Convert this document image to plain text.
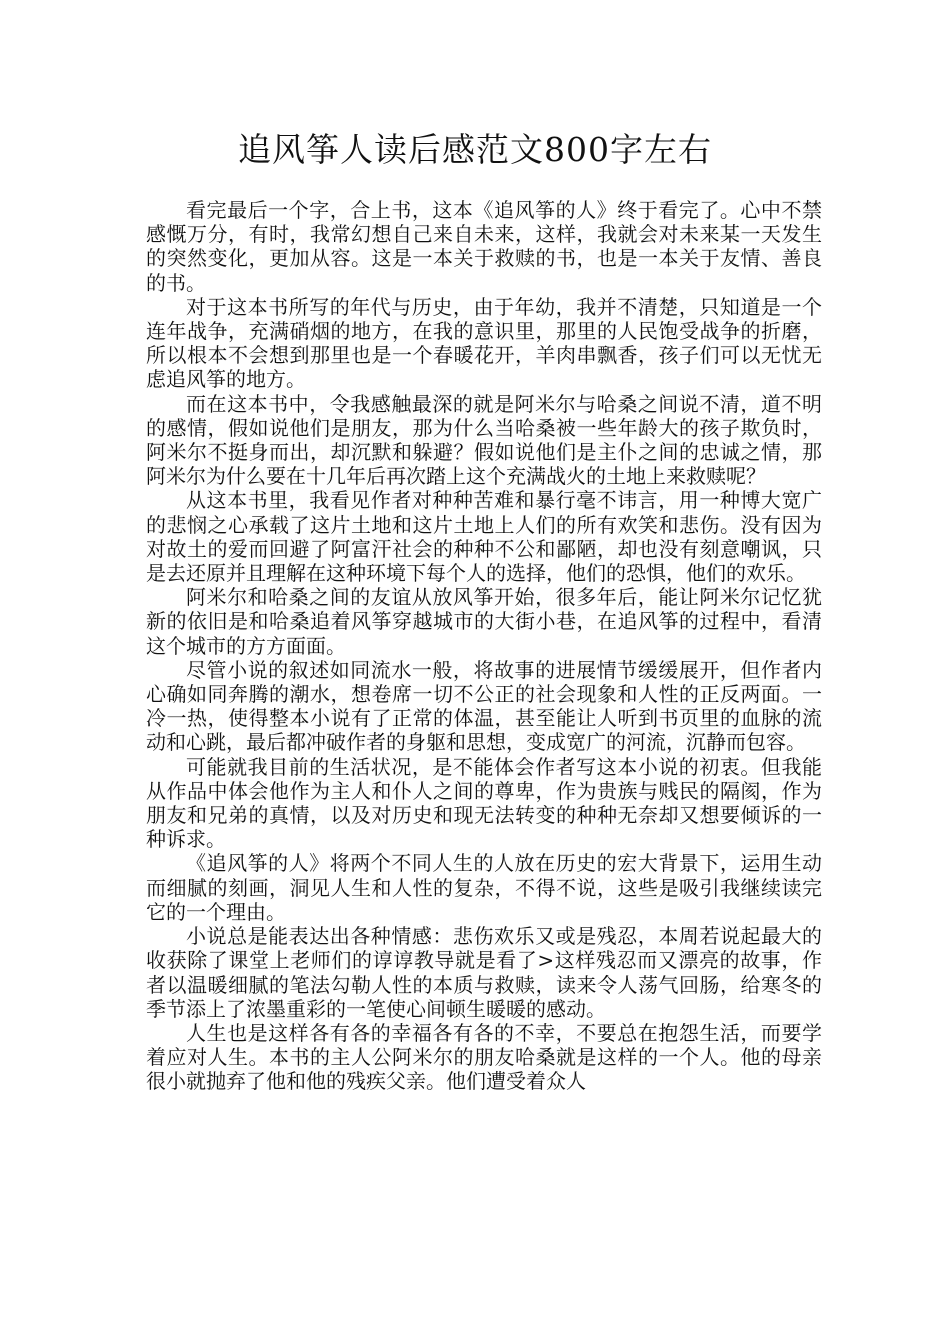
追风筝人读后感范文800字左右

看完最后一个字，合上书，这本《追风筝的人》终于看完了。心中不禁感慨万分，有时，我常幻想自己来自未来，这样，我就会对未来某一天发生的突然变化，更加从容。这是一本关于救赎的书，也是一本关于友情、善良的书。

对于这本书所写的年代与历史，由于年幼，我并不清楚，只知道是一个连年战争，充满硝烟的地方，在我的意识里，那里的人民饱受战争的折磨，所以根本不会想到那里也是一个春暖花开，羊肉串飘香，孩子们可以无忧无虑追风筝的地方。

而在这本书中，令我感触最深的就是阿米尔与哈桑之间说不清，道不明的感情，假如说他们是朋友，那为什么当哈桑被一些年龄大的孩子欺负时，阿米尔不挺身而出，却沉默和躲避？假如说他们是主仆之间的忠诚之情，那阿米尔为什么要在十几年后再次踏上这个充满战火的土地上来救赎呢？

从这本书里，我看见作者对种种苦难和暴行毫不讳言，用一种博大宽广的悲悯之心承载了这片土地和这片土地上人们的所有欢笑和悲伤。没有因为对故土的爱而回避了阿富汗社会的种种不公和鄙陋，却也没有刻意嘲讽，只是去还原并且理解在这种环境下每个人的选择，他们的恐惧，他们的欢乐。

阿米尔和哈桑之间的友谊从放风筝开始，很多年后，能让阿米尔记忆犹新的依旧是和哈桑追着风筝穿越城市的大街小巷，在追风筝的过程中，看清这个城市的方方面面。

尽管小说的叙述如同流水一般，将故事的进展情节缓缓展开，但作者内心确如同奔腾的潮水，想卷席一切不公正的社会现象和人性的正反两面。一冷一热，使得整本小说有了正常的体温，甚至能让人听到书页里的血脉的流动和心跳，最后都冲破作者的身躯和思想，变成宽广的河流，沉静而包容。

可能就我目前的生活状况，是不能体会作者写这本小说的初衷。但我能从作品中体会他作为主人和仆人之间的尊卑，作为贵族与贱民的隔阂，作为朋友和兄弟的真情，以及对历史和现无法转变的种种无奈却又想要倾诉的一种诉求。

《追风筝的人》将两个不同人生的人放在历史的宏大背景下，运用生动而细腻的刻画，洞见人生和人性的复杂，不得不说，这些是吸引我继续读完它的一个理由。

小说总是能表达出各种情感：悲伤欢乐又或是残忍，本周若说起最大的收获除了课堂上老师们的谆谆教导就是看了>这样残忍而又漂亮的故事，作者以温暖细腻的笔法勾勒人性的本质与救赎，读来令人荡气回肠，给寒冬的季节添上了浓墨重彩的一笔使心间顿生暖暖的感动。

人生也是这样各有各的幸福各有各的不幸，不要总在抱怨生活，而要学着应对人生。本书的主人公阿米尔的朋友哈桑就是这样的一个人。他的母亲很小就抛弃了他和他的残疾父亲。他们遭受着众人
